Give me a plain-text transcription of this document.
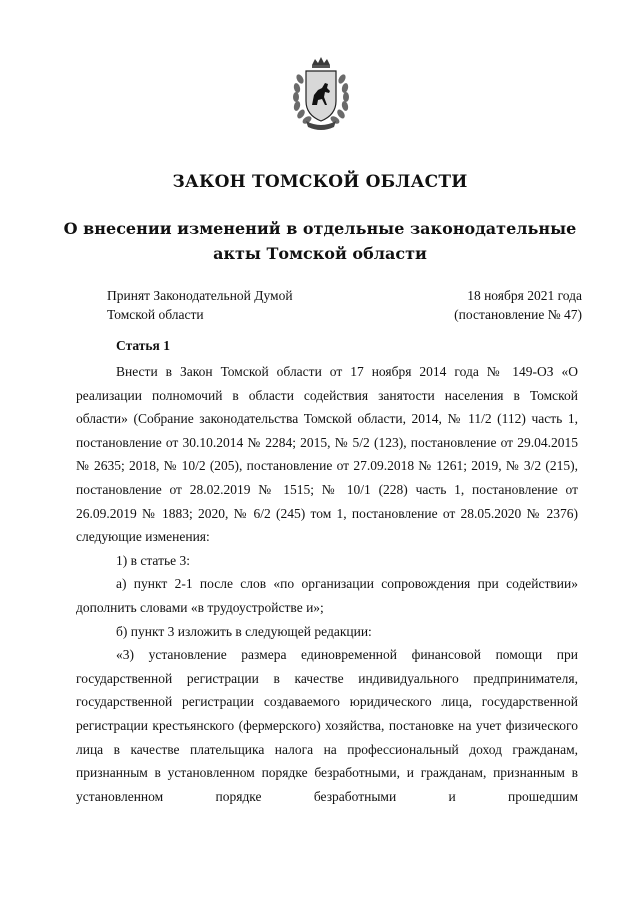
ЗАКОН ТОМСКОЙ ОБЛАСТИ
О внесении изменений в отдельные законодательные
акты Томской области
Принят Законодательной Думой
Томской области
18 ноября 2021 года
(постановление № 47)
Статья 1

Внести в Закон Томской области от 17 ноября 2014 года № 149-ОЗ «О реализации полномочий в области содействия занятости населения в Томской области» (Собрание законодательства Томской области, 2014, № 11/2 (112) часть 1, постановление от 30.10.2014 № 2284; 2015, № 5/2 (123), постановление от 29.04.2015 № 2635; 2018, № 10/2 (205), постановление от 27.09.2018 № 1261; 2019, № 3/2 (215), постановление от 28.02.2019 № 1515; № 10/1 (228) часть 1, постановление от 26.09.2019 № 1883; 2020, № 6/2 (245) том 1, постановление от 28.05.2020 № 2376) следующие изменения:

1) в статье 3:

а) пункт 2-1 после слов «по организации сопровождения при содействии» дополнить словами «в трудоустройстве и»;

б) пункт 3 изложить в следующей редакции:

«3) установление размера единовременной финансовой помощи при государственной регистрации в качестве индивидуального предпринимателя, государственной регистрации создаваемого юридического лица, государственной регистрации крестьянского (фермерского) хозяйства, постановке на учет физического лица в качестве плательщика налога на профессиональный доход гражданам, признанным в установленном порядке безработными, и гражданам, признанным в установленном порядке безработными и прошедшим
